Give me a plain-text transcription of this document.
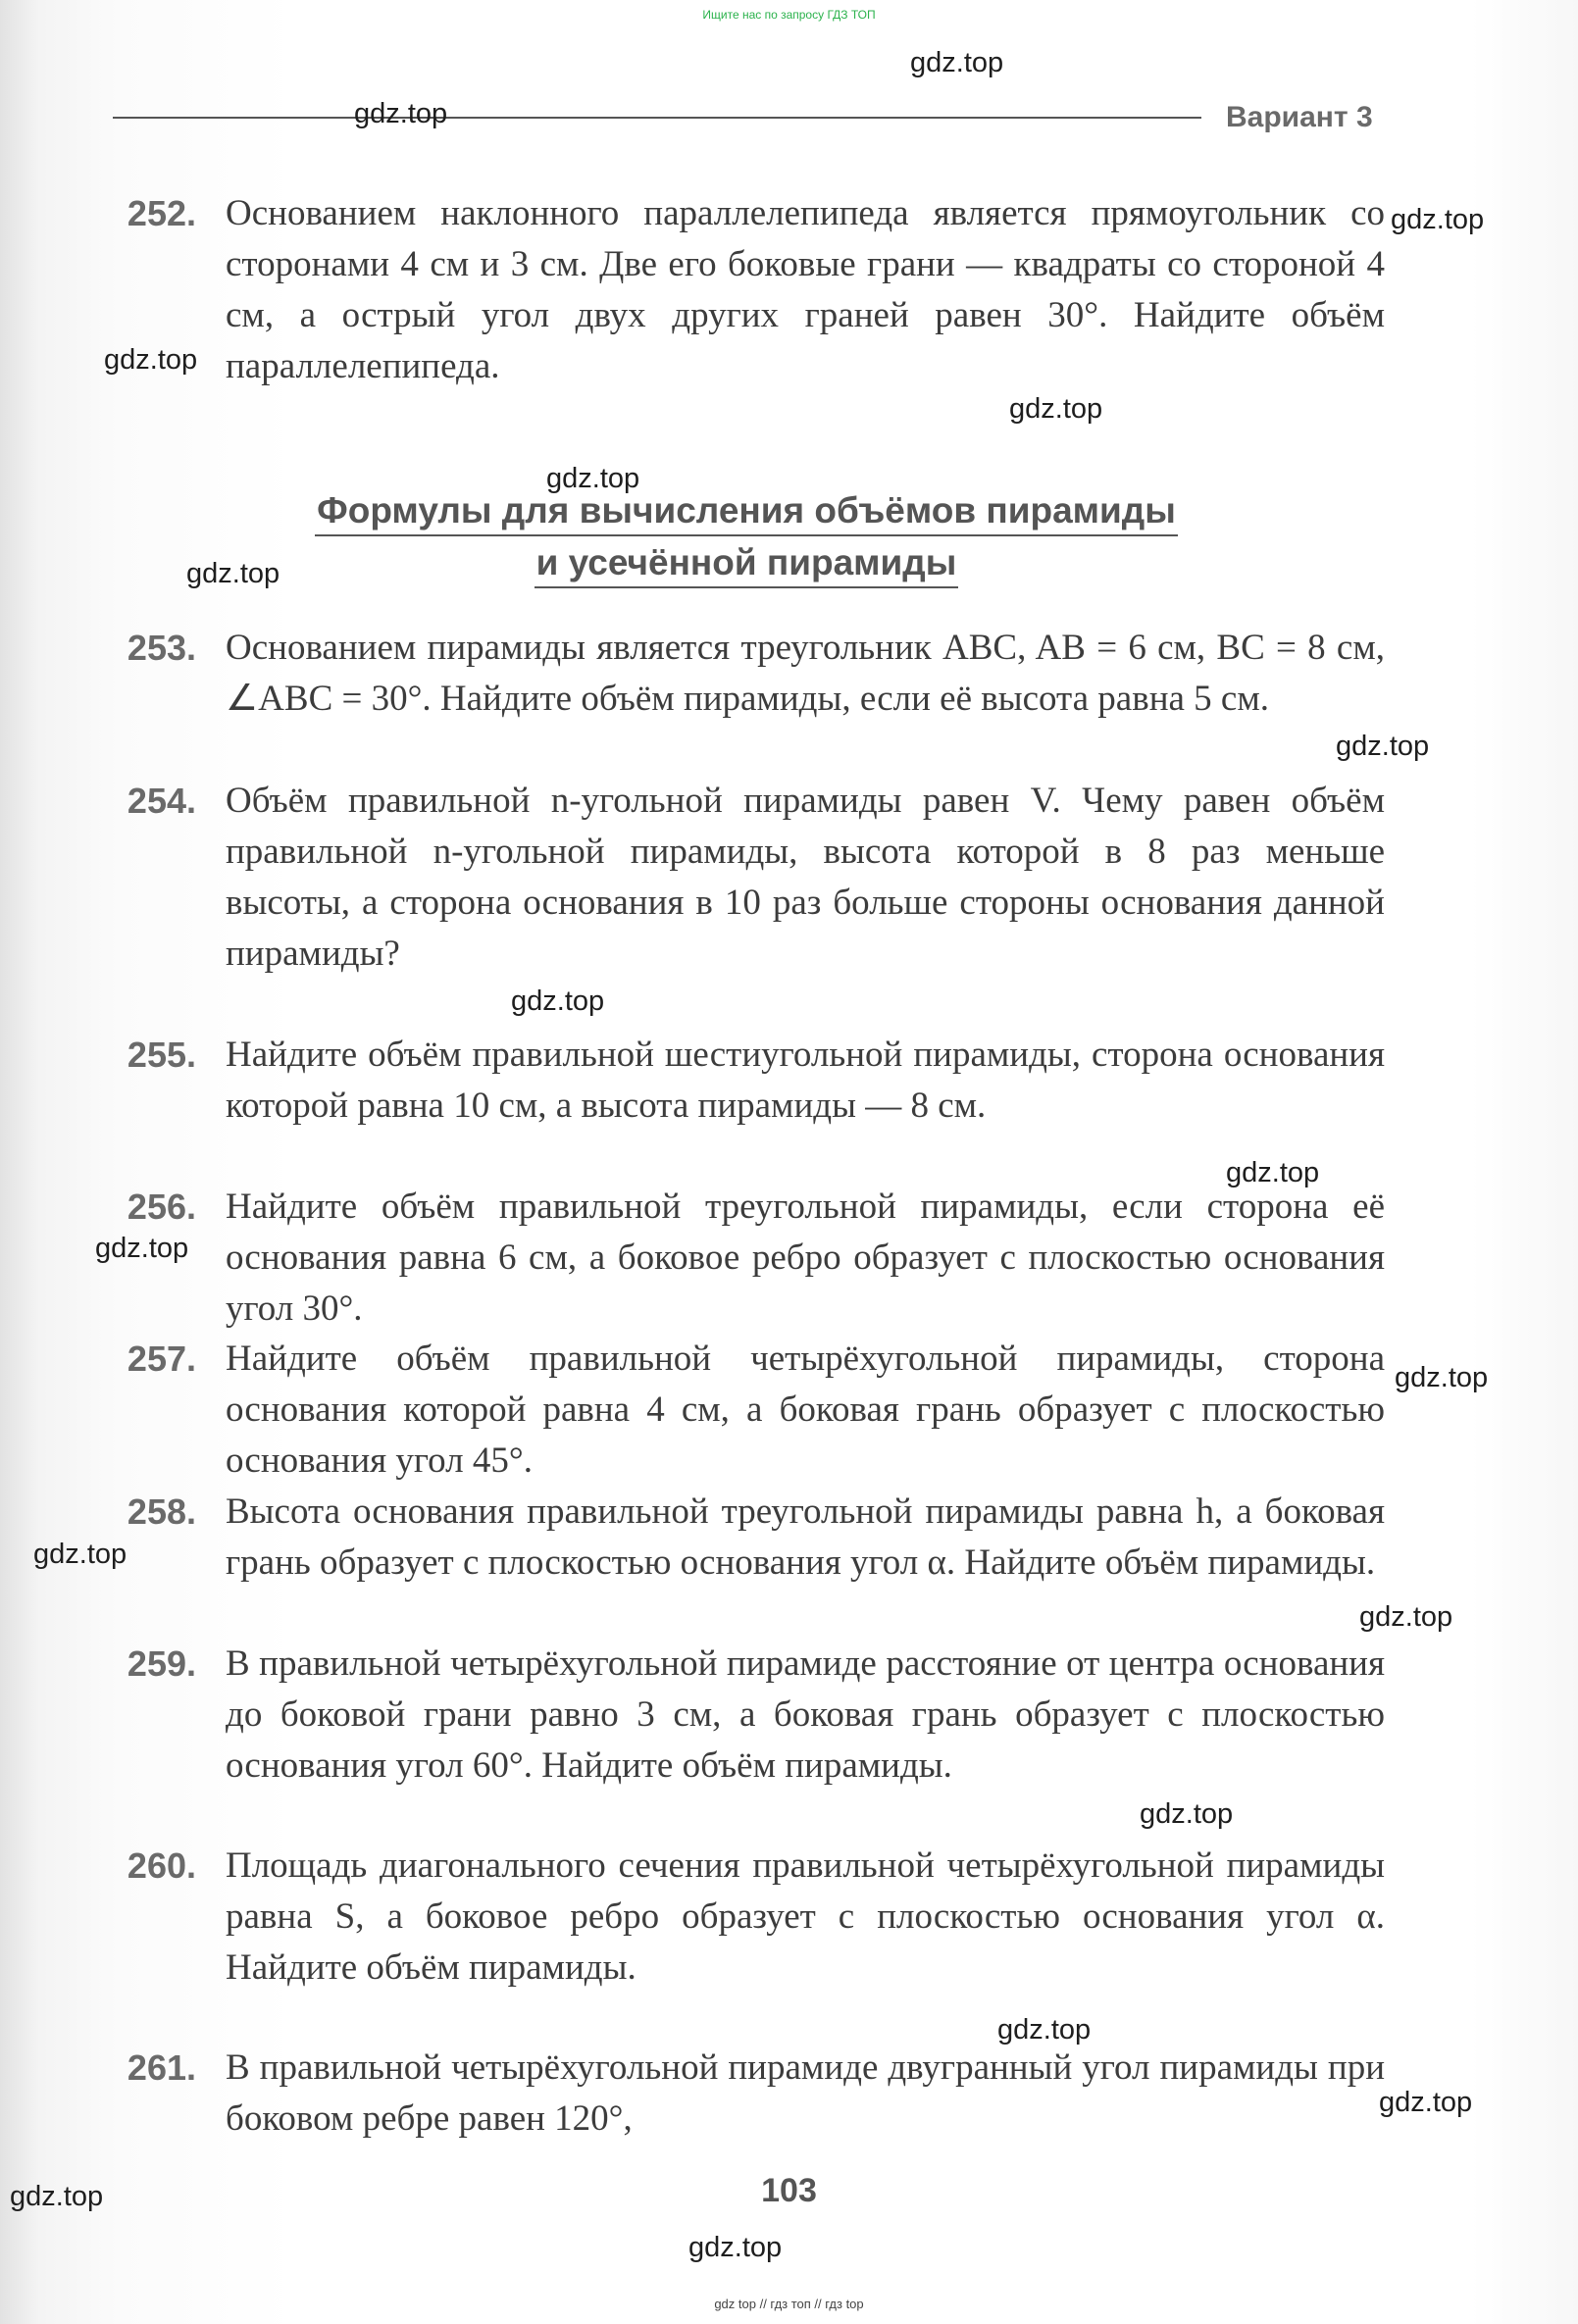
Ищите нас по запросу ГДЗ ТОП
Вариант 3
252. Основанием наклонного параллелепипеда является прямоугольник со сторонами 4 см и 3 см. Две его боковые грани — квадраты со стороной 4 см, а острый угол двух других граней равен 30°. Найдите объём параллелепипеда.
Формулы для вычисления объёмов пирамиды
и усечённой пирамиды
253. Основанием пирамиды является треугольник ABC, AB = 6 см, BC = 8 см, ∠ABC = 30°. Найдите объём пирамиды, если её высота равна 5 см.
254. Объём правильной n-угольной пирамиды равен V. Чему равен объём правильной n-угольной пирамиды, высота которой в 8 раз меньше высоты, а сторона основания в 10 раз больше стороны основания данной пирамиды?
255. Найдите объём правильной шестиугольной пирамиды, сторона основания которой равна 10 см, а высота пирамиды — 8 см.
256. Найдите объём правильной треугольной пирамиды, если сторона её основания равна 6 см, а боковое ребро образует с плоскостью основания угол 30°.
257. Найдите объём правильной четырёхугольной пирамиды, сторона основания которой равна 4 см, а боковая грань образует с плоскостью основания угол 45°.
258. Высота основания правильной треугольной пирамиды равна h, а боковая грань образует с плоскостью основания угол α. Найдите объём пирамиды.
259. В правильной четырёхугольной пирамиде расстояние от центра основания до боковой грани равно 3 см, а боковая грань образует с плоскостью основания угол 60°. Найдите объём пирамиды.
260. Площадь диагонального сечения правильной четырёхугольной пирамиды равна S, а боковое ребро образует с плоскостью основания угол α. Найдите объём пирамиды.
261. В правильной четырёхугольной пирамиде двугранный угол пирамиды при боковом ребре равен 120°,
103
gdz.top
gdz.top
gdz.top
gdz.top
gdz.top
gdz.top
gdz.top
gdz.top
gdz.top
gdz.top
gdz.top
gdz.top
gdz.top
gdz.top
gdz.top
gdz.top
gdz.top
gdz.top
gdz.top
gdz top // гдз топ // гдз top
